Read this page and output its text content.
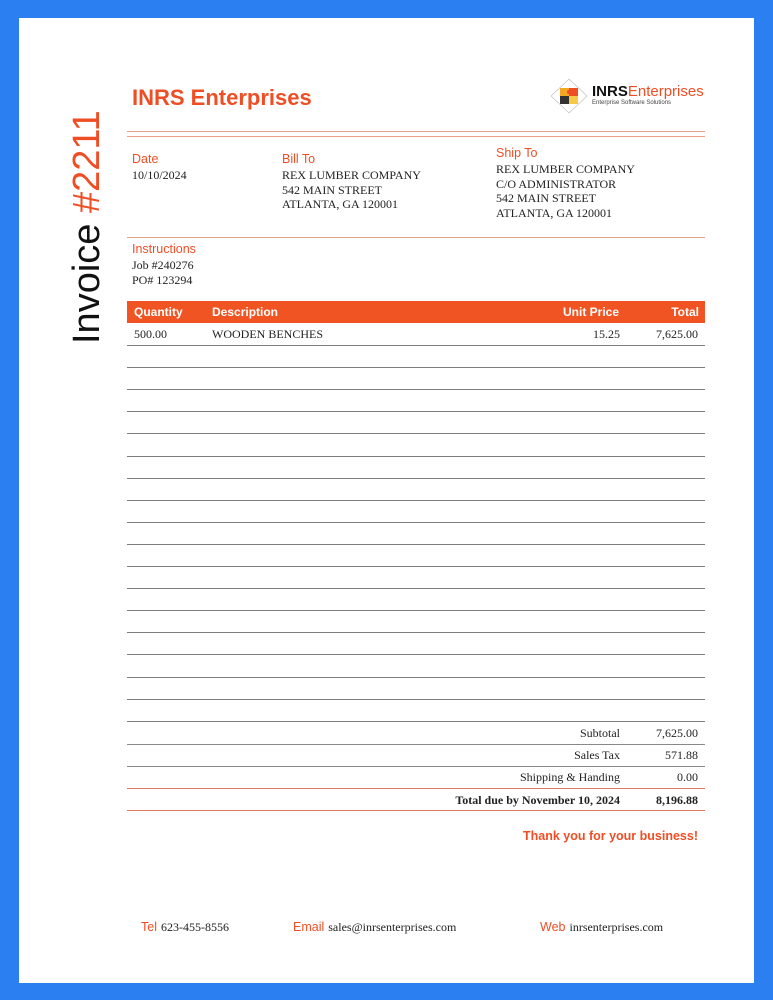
Invoice #2211
INRS Enterprises	INRSEnterprises
Enterprise Software Solutions
Date
10/10/2024
Bill To
REX LUMBER COMPANY
542 MAIN STREET
ATLANTA, GA 120001
Ship To
REX LUMBER COMPANY
C/O ADMINISTRATOR
542 MAIN STREET
ATLANTA, GA 120001
Instructions
Job #240276
PO# 123294
Quantity Description	Unit Price	Total
500.00	WOODEN BENCHES	15.25	7,625.00
Subtotal	7,625.00
Sales Tax	571.88
Shipping & Handing	0.00
Total due by November 10, 2024	8,196.88
Thank you for your business!
Tel 623-455-8556	Email sales@inrsenterprises.com	Web inrsenterprises.com
